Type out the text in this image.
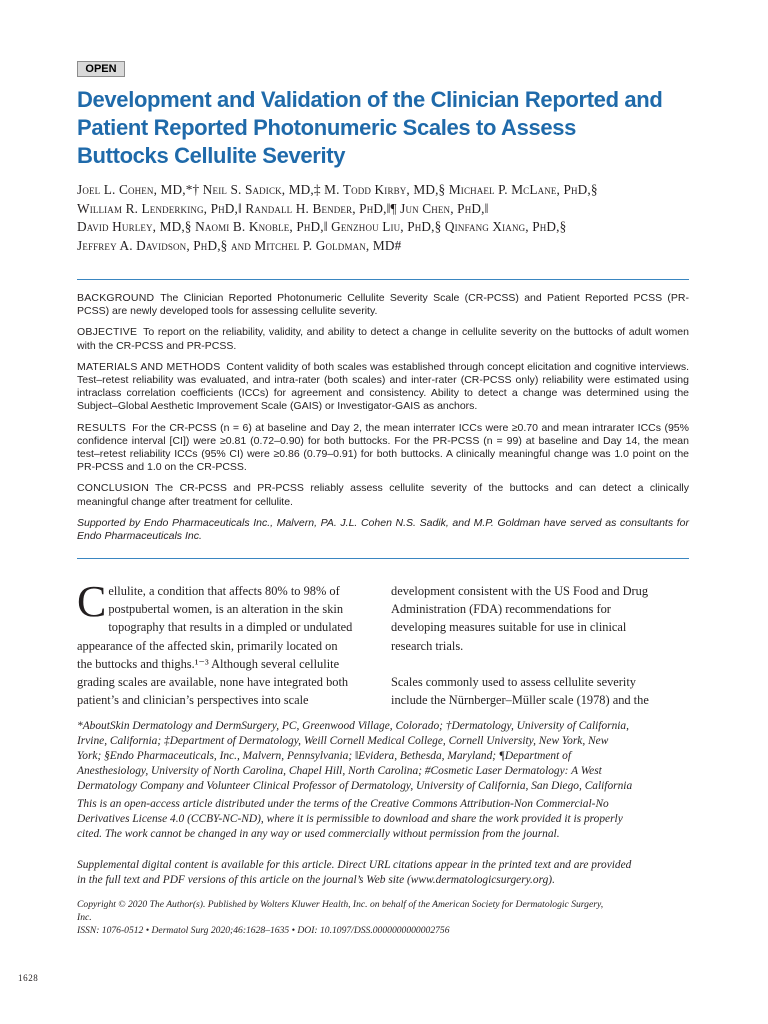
OPEN
Development and Validation of the Clinician Reported and
Patient Reported Photonumeric Scales to Assess
Buttocks Cellulite Severity
Joel L. Cohen, MD,*† Neil S. Sadick, MD,‡ M. Todd Kirby, MD,§ Michael P. McLane, PhD,§
William R. Lenderking, PhD,‖ Randall H. Bender, PhD,‖¶ Jun Chen, PhD,‖
David Hurley, MD,§ Naomi B. Knoble, PhD,‖ Genzhou Liu, PhD,§ Qinfang Xiang, PhD,§
Jeffrey A. Davidson, PhD,§ and Mitchel P. Goldman, MD#

BACKGROUND The Clinician Reported Photonumeric Cellulite Severity Scale (CR-PCSS) and Patient Reported PCSS (PR-PCSS) are newly developed tools for assessing cellulite severity.

OBJECTIVE To report on the reliability, validity, and ability to detect a change in cellulite severity on the buttocks of adult women with the CR-PCSS and PR-PCSS.

MATERIALS AND METHODS Content validity of both scales was established through concept elicitation and cognitive interviews. Test–retest reliability was evaluated, and intra-rater (both scales) and inter-rater (CR-PCSS only) reliability were estimated using intraclass correlation coefficients (ICCs) for agreement and consistency. Ability to detect a change was determined using the Subject–Global Aesthetic Improvement Scale (GAIS) or Investigator-GAIS as anchors.

RESULTS For the CR-PCSS (n = 6) at baseline and Day 2, the mean interrater ICCs were ≥0.70 and mean intrarater ICCs (95% confidence interval [CI]) were ≥0.81 (0.72–0.90) for both buttocks. For the PR-PCSS (n = 99) at baseline and Day 14, the mean test–retest reliability ICCs (95% CI) were ≥0.86 (0.79–0.91) for both buttocks. A clinically meaningful change was 1.0 point on the PR-PCSS and 1.0 on the CR-PCSS.

CONCLUSION The CR-PCSS and PR-PCSS reliably assess cellulite severity of the buttocks and can detect a clinically meaningful change after treatment for cellulite.

Supported by Endo Pharmaceuticals Inc., Malvern, PA. J.L. Cohen N.S. Sadik, and M.P. Goldman have served as consultants for Endo Pharmaceuticals Inc.

C ellulite, a condition that affects 80% to 98% of
postpubertal women, is an alteration in the skin
topography that results in a dimpled or undulated
appearance of the affected skin, primarily located on
the buttocks and thighs.¹⁻³ Although several cellulite
grading scales are available, none have integrated both
patient’s and clinician’s perspectives into scale
development consistent with the US Food and Drug
Administration (FDA) recommendations for
developing measures suitable for use in clinical
research trials.
Scales commonly used to assess cellulite severity
include the Nürnberger–Müller scale (1978) and the
*AboutSkin Dermatology and DermSurgery, PC, Greenwood Village, Colorado; †Dermatology, University of California,
Irvine, California; ‡Department of Dermatology, Weill Cornell Medical College, Cornell University, New York, New
York; §Endo Pharmaceuticals, Inc., Malvern, Pennsylvania; ‖Evidera, Bethesda, Maryland; ¶Department of
Anesthesiology, University of North Carolina, Chapel Hill, North Carolina; #Cosmetic Laser Dermatology: A West
Dermatology Company and Volunteer Clinical Professor of Dermatology, University of California, San Diego, California
This is an open-access article distributed under the terms of the Creative Commons Attribution-Non Commercial-No
Derivatives License 4.0 (CCBY-NC-ND), where it is permissible to download and share the work provided it is properly
cited. The work cannot be changed in any way or used commercially without permission from the journal.
Supplemental digital content is available for this article. Direct URL citations appear in the printed text and are provided
in the full text and PDF versions of this article on the journal’s Web site (www.dermatologicsurgery.org).
Copyright © 2020 The Author(s). Published by Wolters Kluwer Health, Inc. on behalf of the American Society for Dermatologic Surgery,
Inc.
ISSN: 1076-0512 • Dermatol Surg 2020;46:1628–1635 • DOI: 10.1097/DSS.0000000000002756
1628
